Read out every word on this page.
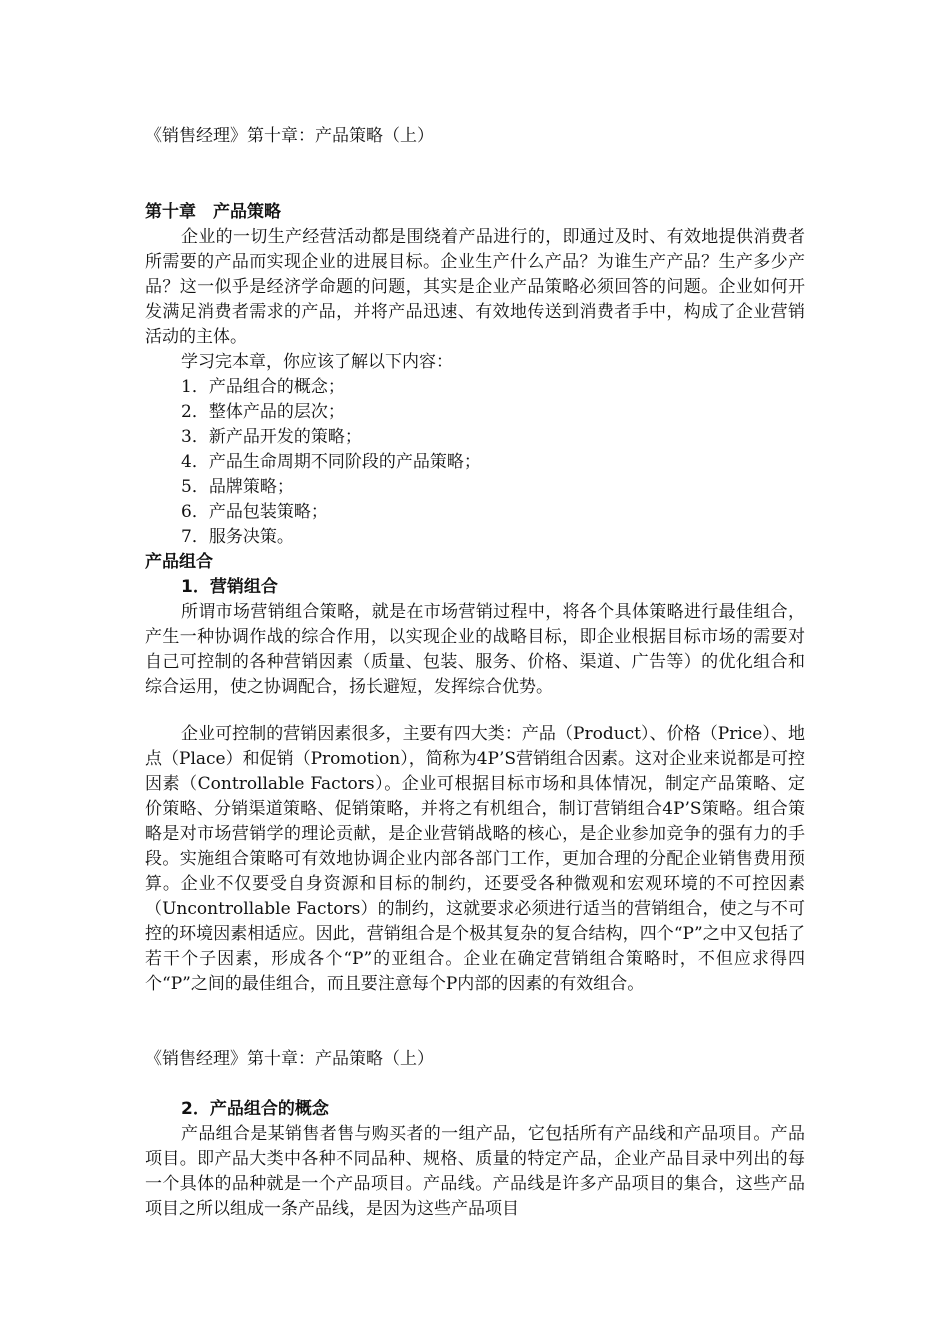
《销售经理》第十章：产品策略（上）
第十章　产品策略

企业的一切生产经营活动都是围绕着产品进行的，即通过及时、有效地提供消费者所需要的产品而实现企业的进展目标。企业生产什么产品？为谁生产产品？生产多少产品？这一似乎是经济学命题的问题，其实是企业产品策略必须回答的问题。企业如何开发满足消费者需求的产品，并将产品迅速、有效地传送到消费者手中，构成了企业营销活动的主体。

学习完本章，你应该了解以下内容：
1．产品组合的概念；
2．整体产品的层次；
3．新产品开发的策略；
4．产品生命周期不同阶段的产品策略；
5．品牌策略；
6．产品包装策略；
7．服务决策。
产品组合
1．营销组合

所谓市场营销组合策略，就是在市场营销过程中，将各个具体策略进行最佳组合，产生一种协调作战的综合作用，以实现企业的战略目标，即企业根据目标市场的需要对自己可控制的各种营销因素（质量、包装、服务、价格、渠道、广告等）的优化组合和综合运用，使之协调配合，扬长避短，发挥综合优势。

企业可控制的营销因素很多，主要有四大类：产品（Product）、价格（Price）、地点（Place）和促销（Promotion），简称为4P’S营销组合因素。这对企业来说都是可控因素（Controllable Factors）。企业可根据目标市场和具体情况，制定产品策略、定价策略、分销渠道策略、促销策略，并将之有机组合，制订营销组合4P’S策略。组合策略是对市场营销学的理论贡献，是企业营销战略的核心，是企业参加竞争的强有力的手段。实施组合策略可有效地协调企业内部各部门工作，更加合理的分配企业销售费用预算。企业不仅要受自身资源和目标的制约，还要受各种微观和宏观环境的不可控因素（Uncontrollable Factors）的制约，这就要求必须进行适当的营销组合，使之与不可控的环境因素相适应。因此，营销组合是个极其复杂的复合结构，四个“P”之中又包括了若干个子因素，形成各个“P”的亚组合。企业在确定营销组合策略时，不但应求得四个“P”之间的最佳组合，而且要注意每个P内部的因素的有效组合。

《销售经理》第十章：产品策略（上）
2．产品组合的概念

产品组合是某销售者售与购买者的一组产品，它包括所有产品线和产品项目。产品项目。即产品大类中各种不同品种、规格、质量的特定产品，企业产品目录中列出的每一个具体的品种就是一个产品项目。产品线。产品线是许多产品项目的集合，这些产品项目之所以组成一条产品线，是因为这些产品项目
